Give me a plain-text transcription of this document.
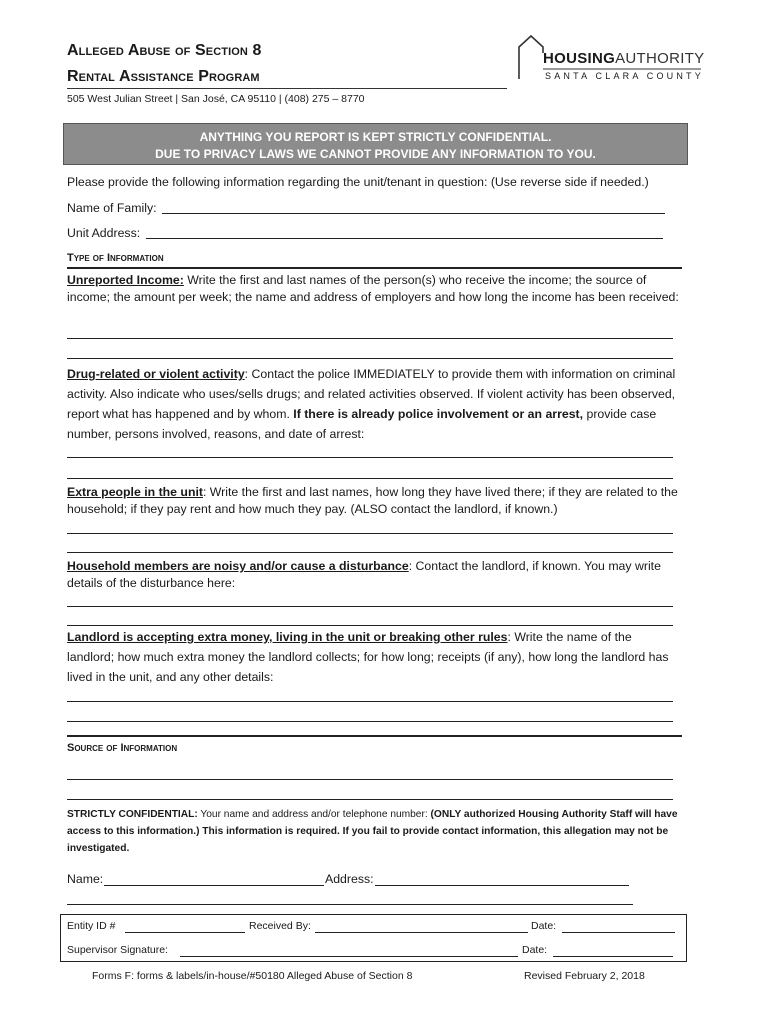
Alleged Abuse of Section 8
Rental Assistance Program
505 West Julian Street | San José, CA 95110 | (408) 275 – 8770
HOUSINGAUTHORITY
SANTA CLARA COUNTY
ANYTHING YOU REPORT IS KEPT STRICTLY CONFIDENTIAL.
DUE TO PRIVACY LAWS WE CANNOT PROVIDE ANY INFORMATION TO YOU.
Please provide the following information regarding the unit/tenant in question: (Use reverse side if needed.)
Name of Family:
Unit Address:
Type of Information
Unreported Income: Write the first and last names of the person(s) who receive the income; the source of income; the amount per week; the name and address of employers and how long the income has been received:
Drug-related or violent activity: Contact the police IMMEDIATELY to provide them with information on criminal activity. Also indicate who uses/sells drugs; and related activities observed. If violent activity has been observed, report what has happened and by whom. If there is already police involvement or an arrest, provide case number, persons involved, reasons, and date of arrest:
Extra people in the unit: Write the first and last names, how long they have lived there; if they are related to the household; if they pay rent and how much they pay. (ALSO contact the landlord, if known.)
Household members are noisy and/or cause a disturbance: Contact the landlord, if known. You may write details of the disturbance here:
Landlord is accepting extra money, living in the unit or breaking other rules: Write the name of the landlord; how much extra money the landlord collects; for how long; receipts (if any), how long the landlord has lived in the unit, and any other details:
Source of Information
STRICTLY CONFIDENTIAL: Your name and address and/or telephone number: (ONLY authorized Housing Authority Staff will have access to this information.) This information is required. If you fail to provide contact information, this allegation may not be investigated.
Name:	Address:
Entity ID #	Received By:	Date:
Supervisor Signature:	Date:
Forms F: forms & labels/in-house/#50180 Alleged Abuse of Section 8	Revised February 2, 2018
